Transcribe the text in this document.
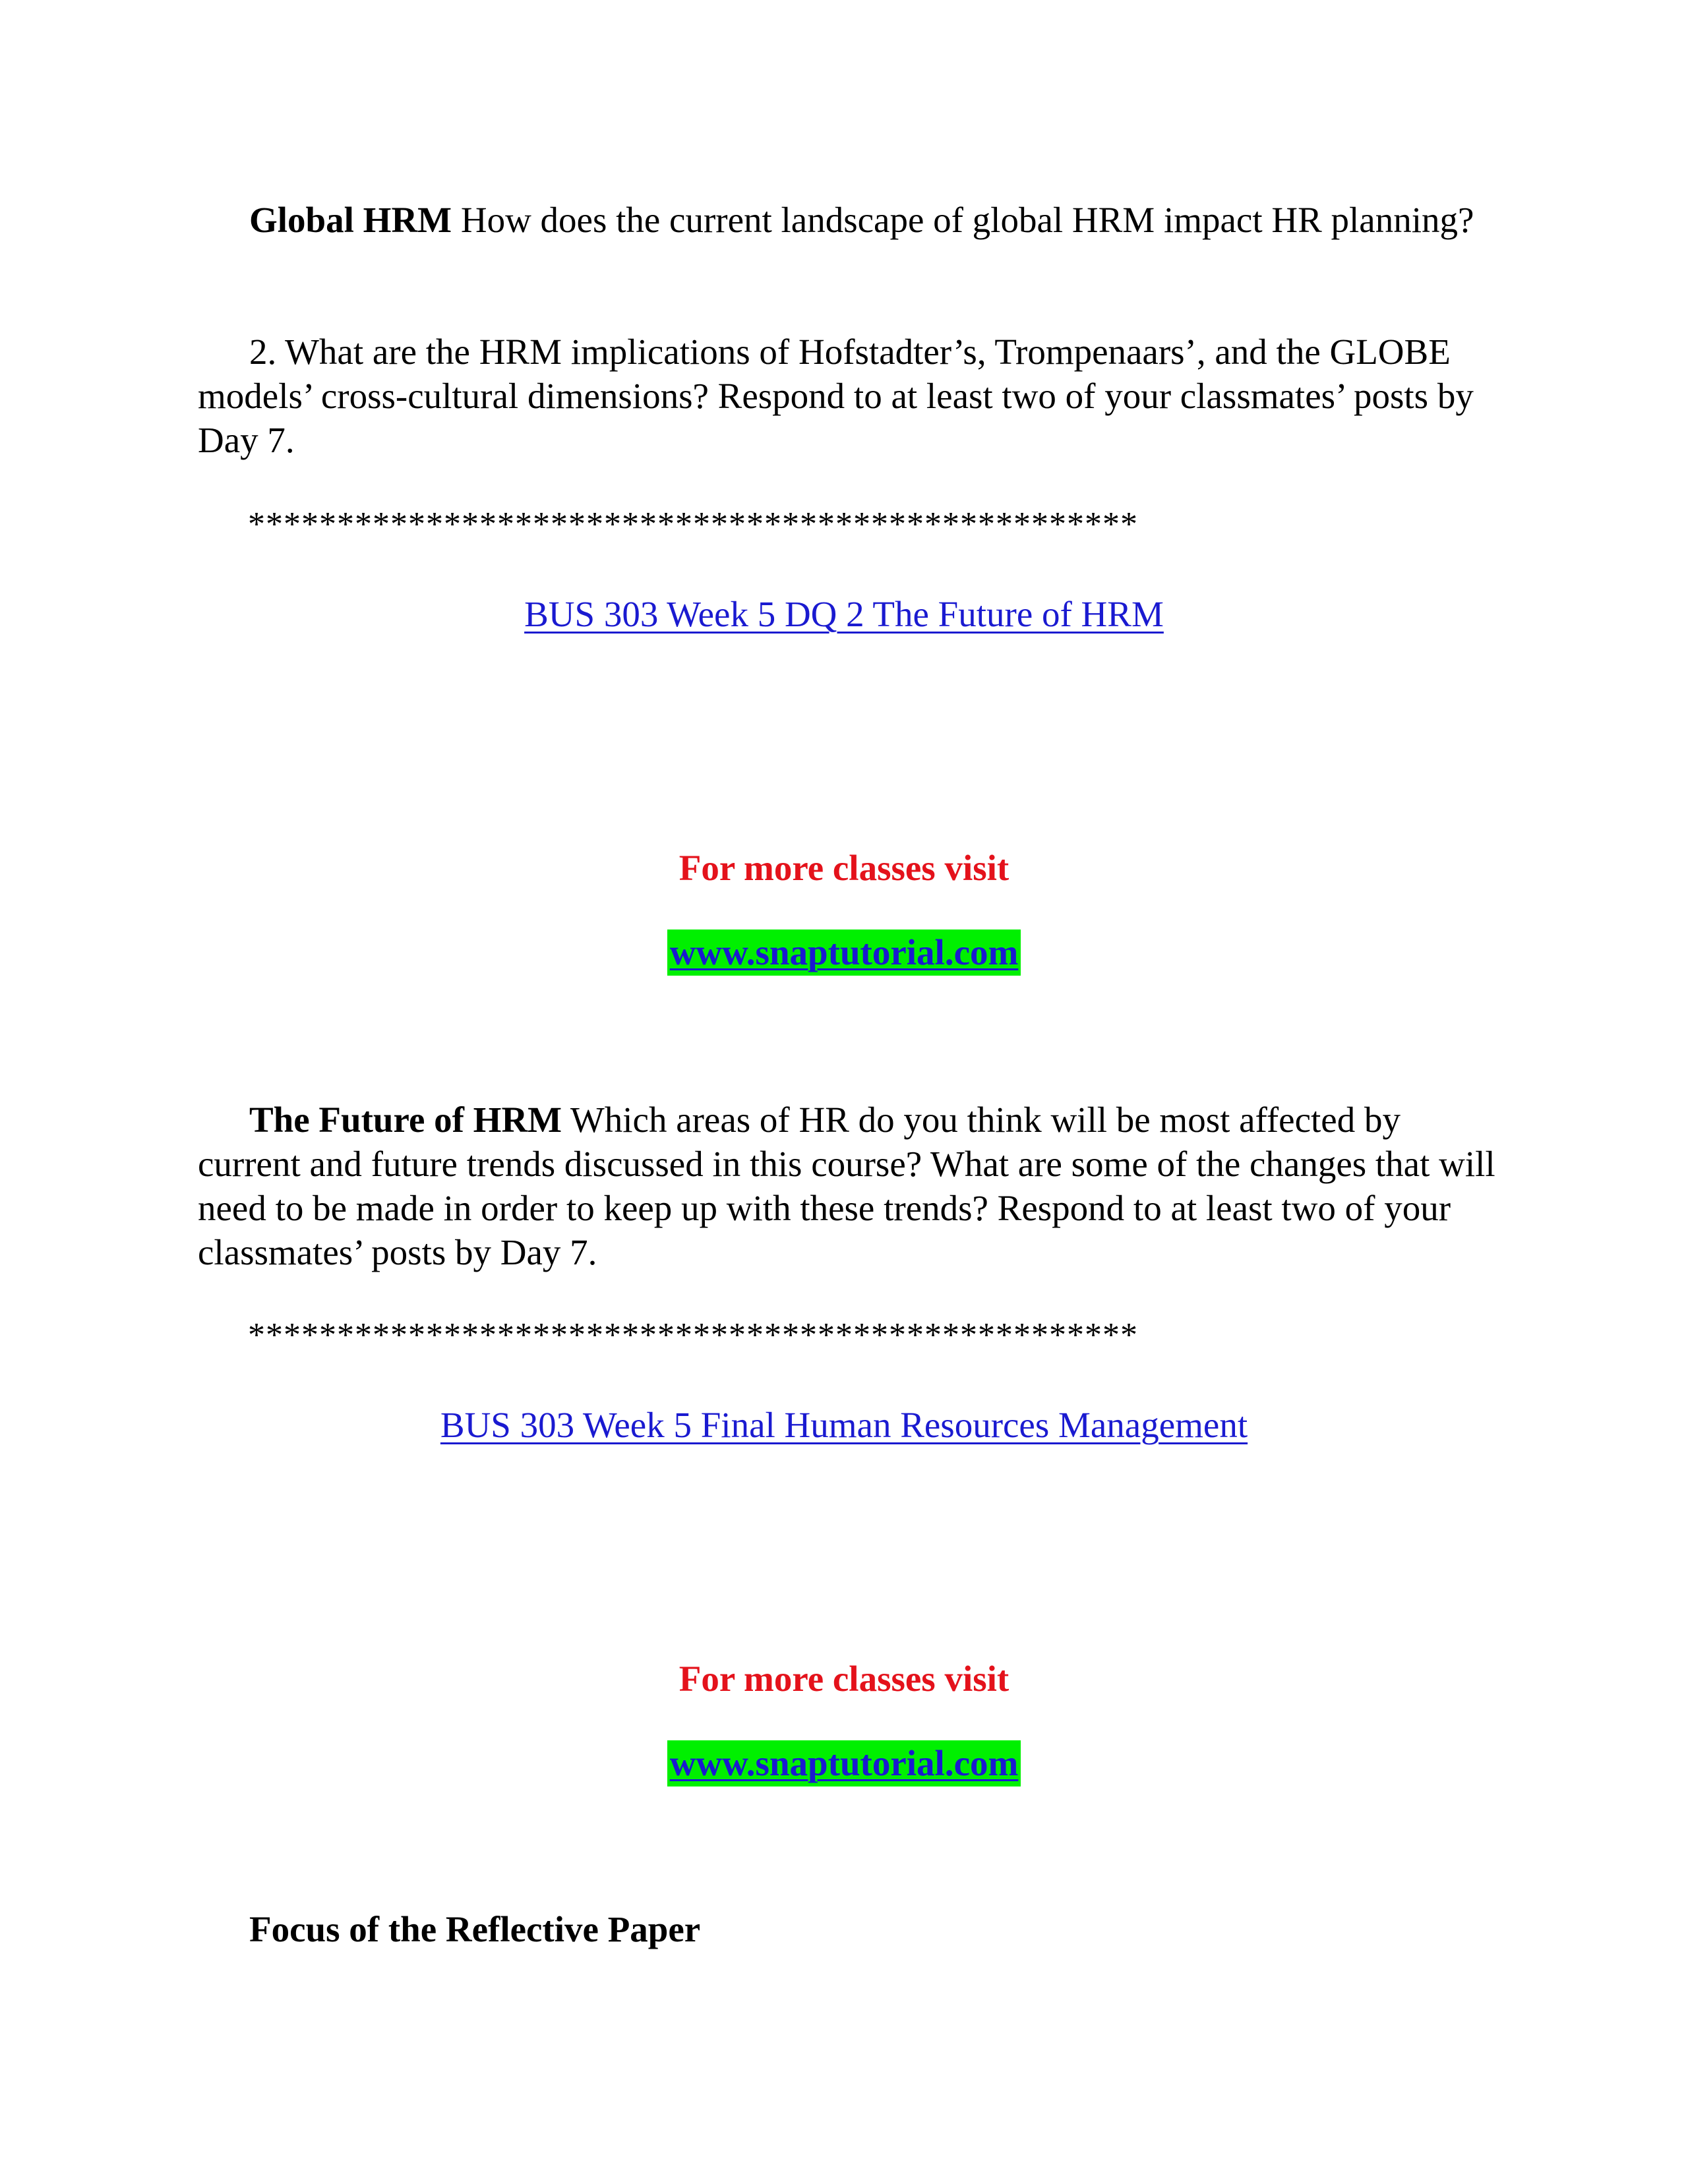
Global HRM How does the current landscape of global HRM impact HR planning?

2. What are the HRM implications of Hofstadter’s, Trompenaars’, and the GLOBE models’ cross-cultural dimensions? Respond to at least two of your classmates’ posts by Day 7.

**************************************************

BUS 303 Week 5 DQ 2 The Future of HRM

For more classes visit

www.snaptutorial.com

The Future of HRM Which areas of HR do you think will be most affected by current and future trends discussed in this course? What are some of the changes that will need to be made in order to keep up with these trends? Respond to at least two of your classmates’ posts by Day 7.

**************************************************

BUS 303 Week 5 Final Human Resources Management

For more classes visit

www.snaptutorial.com

Focus of the Reflective Paper
